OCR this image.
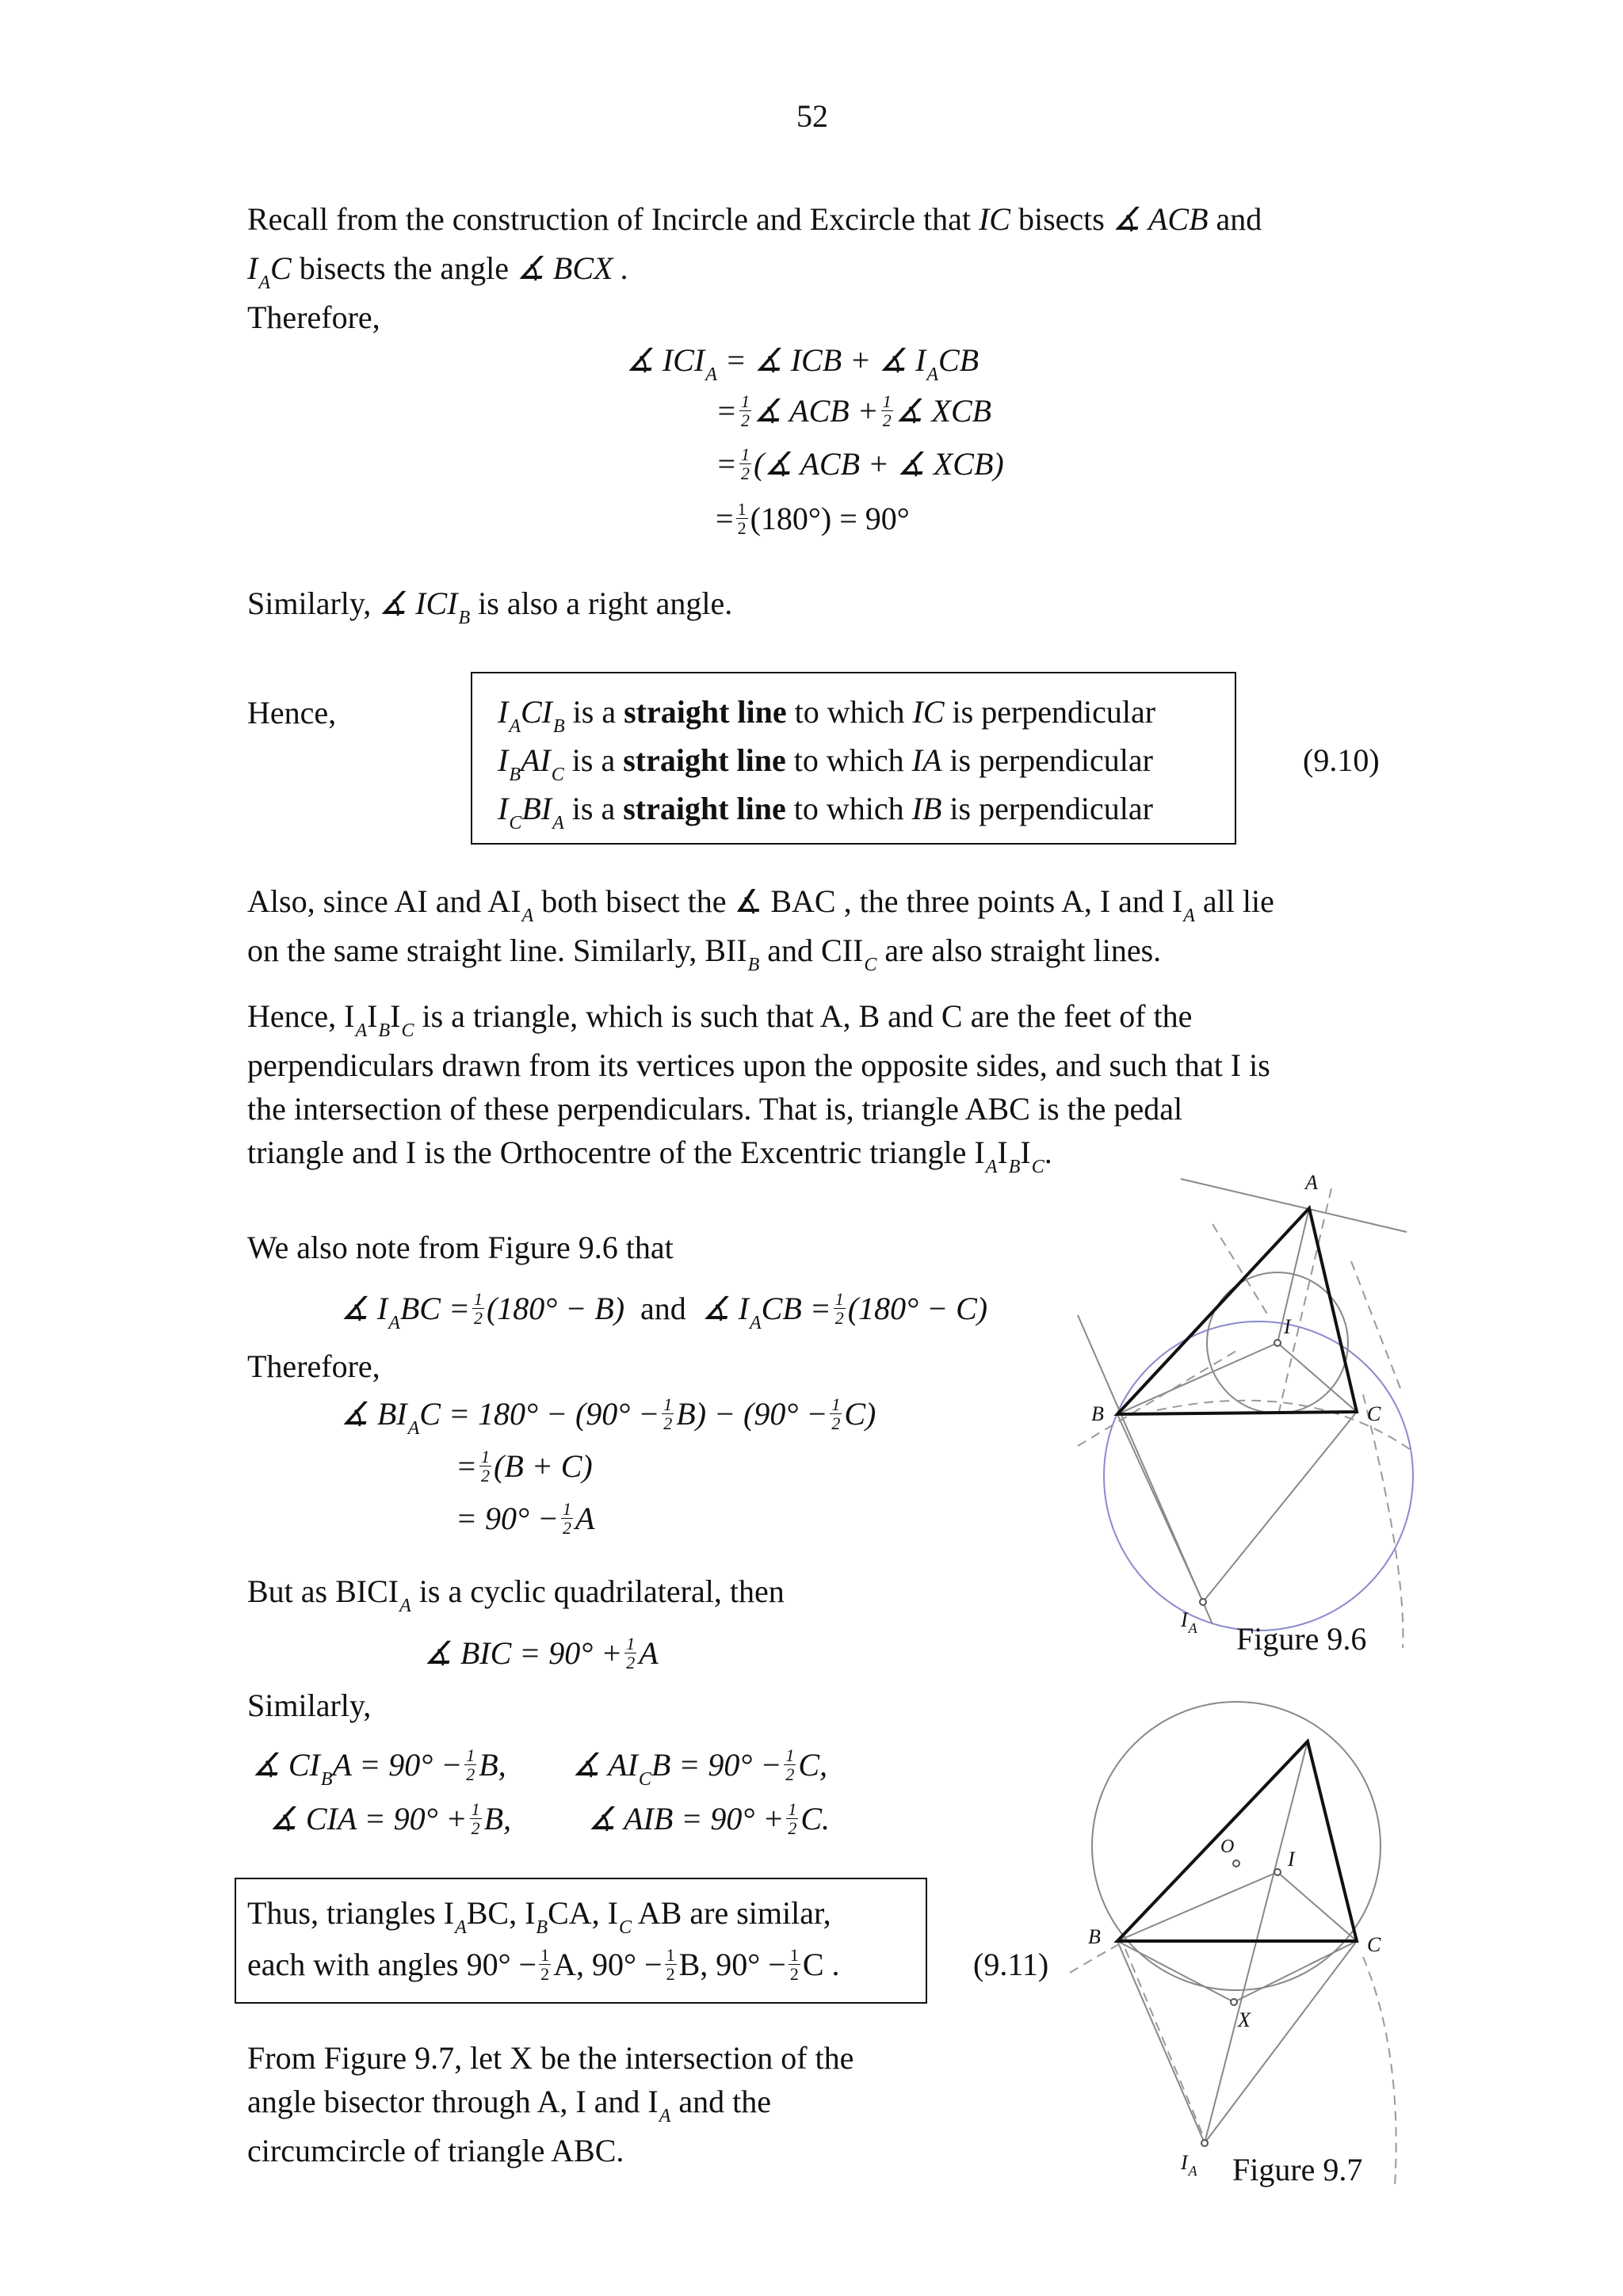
52
Recall from the construction of Incircle and Excircle that IC bisects ∡ ACB and
$I_AC$ bisects the angle ∡ BCX .
Therefore,
∡ $ICI_A$ = ∡ ICB + ∡ $I_ACB$
= $\frac{1}{2}$ ∡ ACB + $\frac{1}{2}$ ∡ XCB
= $\frac{1}{2}$ (∡ ACB + ∡ XCB)
= $\frac{1}{2} (180^\circ) = 90^\circ$
Similarly, ∡ $ICI_B$ is also a right angle.
Hence,	$I_ACI_B$ is a straight line to which IC is perpendicular
$I_BAI_C$ is a straight line to which IA is perpendicular
$I_CBI_A$ is a straight line to which IB is perpendicular
(9.10)
Also, since AI and $AI_A$ both bisect the ∡ BAC , the three points A, I and $I_A$ all lie
on the same straight line. Similarly, $BII_B$ and $CII_C$ are also straight lines.
Hence, $I_AI_BI_C$ is a triangle, which is such that A, B and C are the feet of the
perpendiculars drawn from its vertices upon the opposite sides, and such that I is
the intersection of these perpendiculars. That is, triangle ABC is the pedal
triangle and I is the Orthocentre of the Excentric triangle $I_AI_BI_C$.
We also note from Figure 9.6 that
∡ $I_ABC = \frac{1}{2} (180^\circ - B)$ and ∡ $I_ACB = \frac{1}{2} (180^\circ - C)$
Therefore,
∡ $BI_AC = 180^\circ - (90^\circ - \frac{1}{2} B) - (90^\circ - \frac{1}{2} C)$
= $\frac{1}{2} (B + C)$
= $90^\circ - \frac{1}{2}$ A
But as $BICI_A$ is a cyclic quadrilateral, then
∡ BIC = $90^\circ + \frac{1}{2}$ A
Similarly,
∡ $CI_BA = 90^\circ - \frac{1}{2} B$, ∡ $AI_CB = 90^\circ - \frac{1}{2} C$,
∡ CIA = $90^\circ + \frac{1}{2} B$, ∡ AIB = $90^\circ + \frac{1}{2} C$.
Thus, triangles $I_ABC$, $I_BCA$, $I_C$ AB are similar,
each with angles $90^\circ - \frac{1}{2} A$, $90^\circ - \frac{1}{2} B$, $90^\circ - \frac{1}{2}$ C .	(9.11)
From Figure 9.7, let X be the intersection of the
angle bisector through A, I and $I_A$ and the
circumcircle of triangle ABC.
A
B	C
I
$I_A$ Figure 9.6
B	C
I
O
X
$I_A$ Figure 9.7
